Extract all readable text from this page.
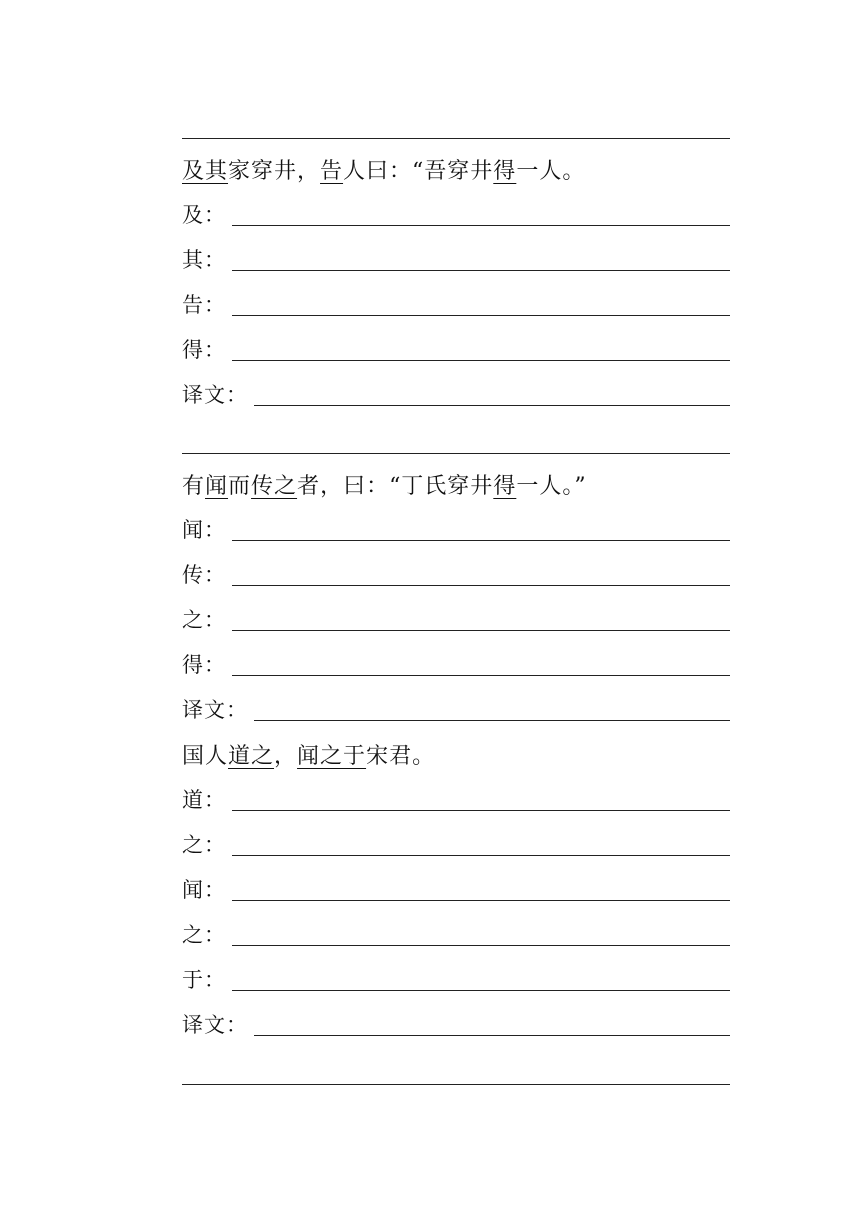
及其家穿井，告人曰：“吾穿井得一人。
及：
其：
告：
得：
译文：
有闻而传之者，曰：“丁氏穿井得一人。”
闻：
传：
之：
得：
译文：
国人道之，闻之于宋君。
道：
之：
闻：
之：
于：
译文：
